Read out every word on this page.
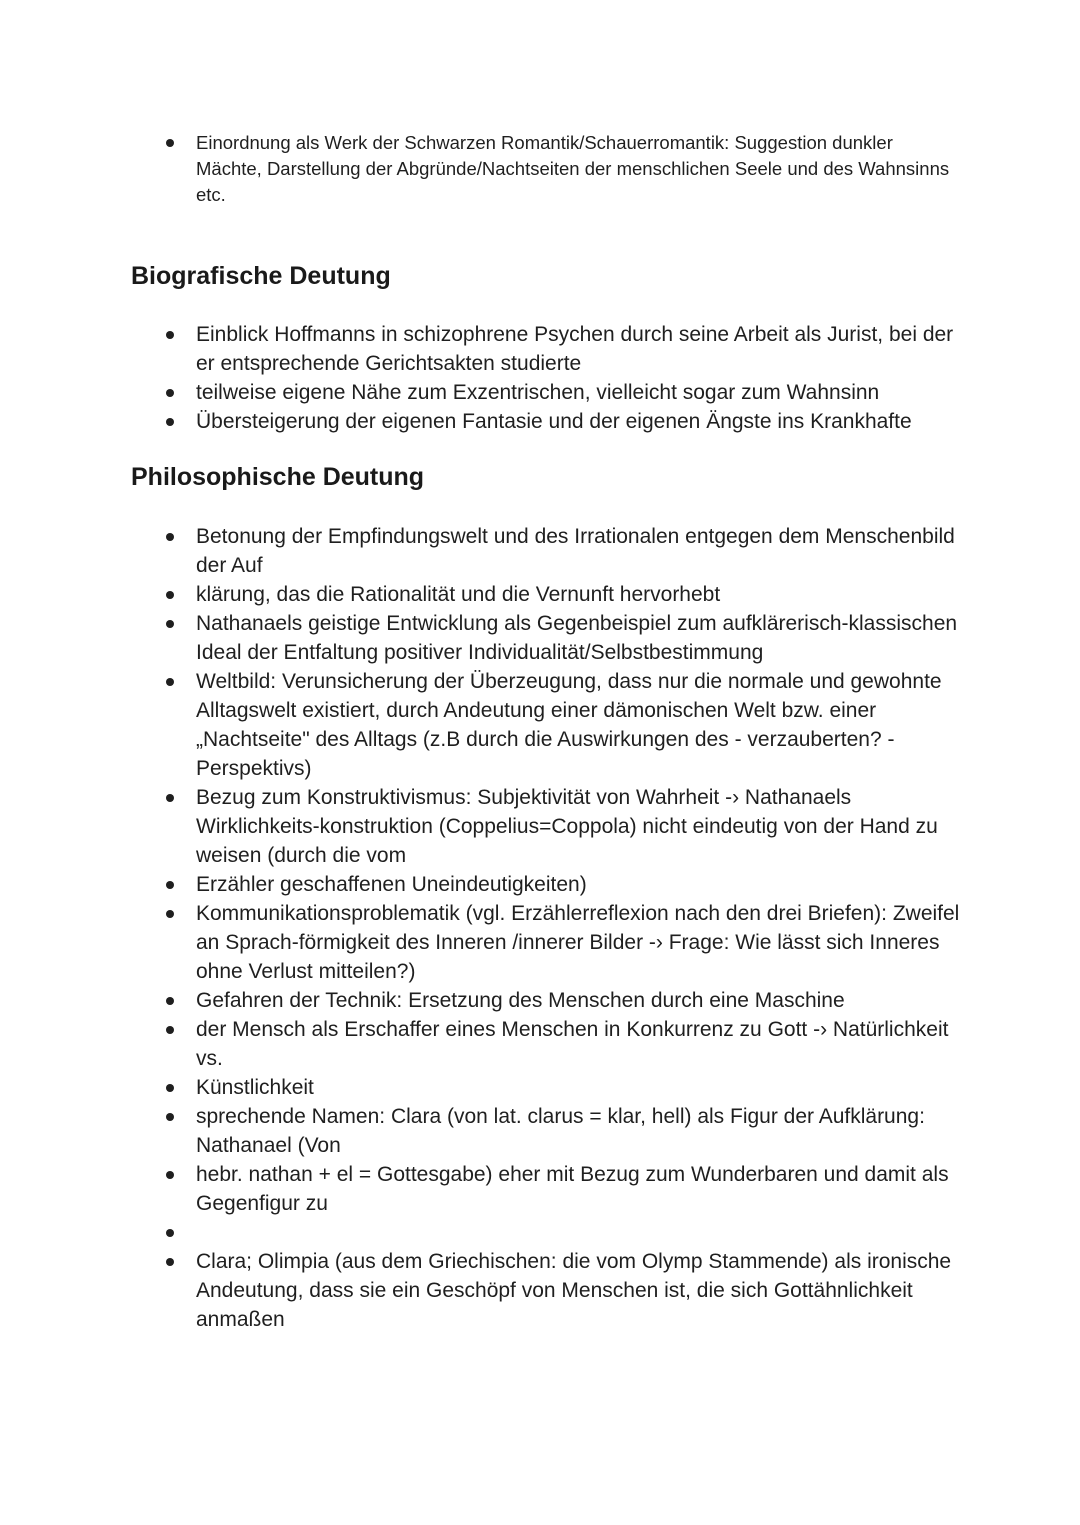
Einordnung als Werk der Schwarzen Romantik/Schauerromantik: Suggestion dunkler Mächte, Darstellung der Abgründe/Nachtseiten der menschlichen Seele und des Wahnsinns etc.
Biografische Deutung
Einblick Hoffmanns in schizophrene Psychen durch seine Arbeit als Jurist, bei der er entsprechende Gerichtsakten studierte
teilweise eigene Nähe zum Exzentrischen, vielleicht sogar zum Wahnsinn
Übersteigerung der eigenen Fantasie und der eigenen Ängste ins Krankhafte
Philosophische Deutung
Betonung der Empfindungswelt und des Irrationalen entgegen dem Menschenbild der Auf
klärung, das die Rationalität und die Vernunft hervorhebt
Nathanaels geistige Entwicklung als Gegenbeispiel zum aufklärerisch-klassischen Ideal der Entfaltung positiver Individualität/Selbstbestimmung
Weltbild: Verunsicherung der Überzeugung, dass nur die normale und gewohnte Alltagswelt existiert, durch Andeutung einer dämonischen Welt bzw. einer „Nachtseite" des Alltags (z.B durch die Auswirkungen des - verzauberten? - Perspektivs)
Bezug zum Konstruktivismus: Subjektivität von Wahrheit -› Nathanaels Wirklichkeits-konstruktion (Coppelius=Coppola) nicht eindeutig von der Hand zu weisen (durch die vom
Erzähler geschaffenen Uneindeutigkeiten)
Kommunikationsproblematik (vgl. Erzählerreflexion nach den drei Briefen): Zweifel an Sprach-förmigkeit des Inneren /innerer Bilder -› Frage: Wie lässt sich Inneres ohne Verlust mitteilen?)
Gefahren der Technik: Ersetzung des Menschen durch eine Maschine
der Mensch als Erschaffer eines Menschen in Konkurrenz zu Gott -› Natürlichkeit vs.
Künstlichkeit
sprechende Namen: Clara (von lat. clarus = klar, hell) als Figur der Aufklärung: Nathanael (Von
hebr. nathan + el = Gottesgabe) eher mit Bezug zum Wunderbaren und damit als Gegenfigur zu
Clara; Olimpia (aus dem Griechischen: die vom Olymp Stammende) als ironische Andeutung, dass sie ein Geschöpf von Menschen ist, die sich Gottähnlichkeit anmaßen
